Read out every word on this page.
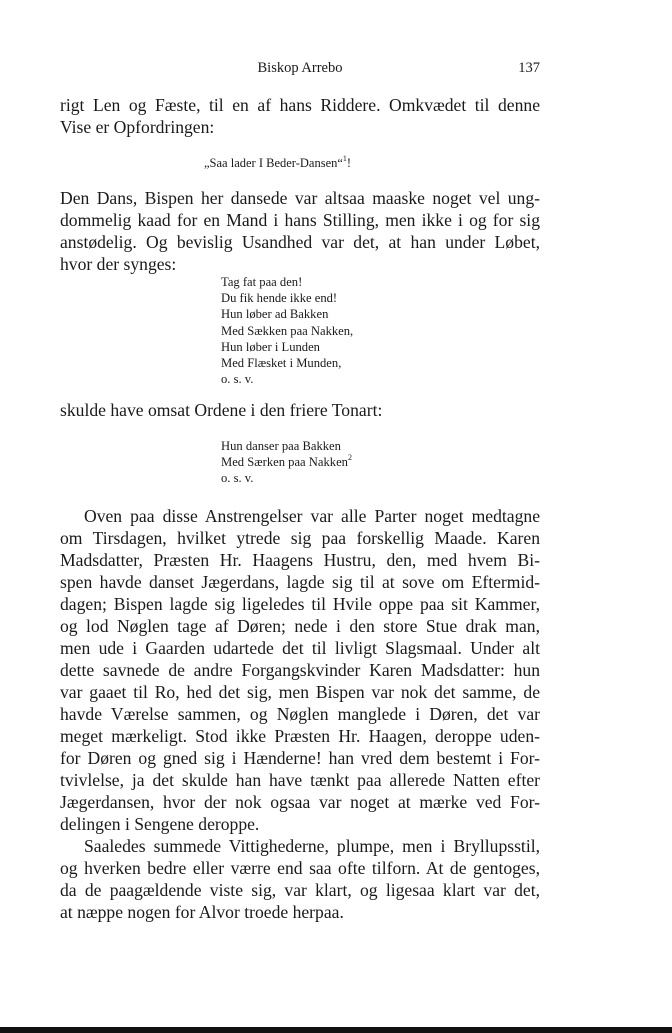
Biskop Arrebo	137
rigt Len og Fæste, til en af hans Riddere. Omkvædet til denne
Vise er Opfordringen:
„Saa lader I Beder-Dansen“$^1$!
Den Dans, Bispen her dansede var altsaa maaske noget vel ung-
dommelig kaad for en Mand i hans Stilling, men ikke i og for sig
anstødelig. Og bevislig Usandhed var det, at han under Løbet,
hvor der synges:
Tag fat paa den!
Du fik hende ikke end!
Hun løber ad Bakken
Med Sækken paa Nakken,
Hun løber i Lunden
Med Flæsket i Munden,
o. s. v.
skulde have omsat Ordene i den friere Tonart:
Hun danser paa Bakken
Med Særken paa Nakken$^2$
o. s. v.
Oven paa disse Anstrengelser var alle Parter noget medtagne
om Tirsdagen, hvilket ytrede sig paa forskellig Maade. Karen
Madsdatter, Præsten Hr. Haagens Hustru, den, med hvem Bi-
spen havde danset Jægerdans, lagde sig til at sove om Eftermid-
dagen; Bispen lagde sig ligeledes til Hvile oppe paa sit Kammer,
og lod Nøglen tage af Døren; nede i den store Stue drak man,
men ude i Gaarden udartede det til livligt Slagsmaal. Under alt
dette savnede de andre Forgangskvinder Karen Madsdatter: hun
var gaaet til Ro, hed det sig, men Bispen var nok det samme, de
havde Værelse sammen, og Nøglen manglede i Døren, det var
meget mærkeligt. Stod ikke Præsten Hr. Haagen, deroppe uden-
for Døren og gned sig i Hænderne! han vred dem bestemt i For-
tvivlelse, ja det skulde han have tænkt paa allerede Natten efter
Jægerdansen, hvor der nok ogsaa var noget at mærke ved For-
delingen i Sengene deroppe.
Saaledes summede Vittighederne, plumpe, men i Bryllupsstil,
og hverken bedre eller værre end saa ofte tilforn. At de gentoges,
da de paagældende viste sig, var klart, og ligesaa klart var det,
at næppe nogen for Alvor troede herpaa.
